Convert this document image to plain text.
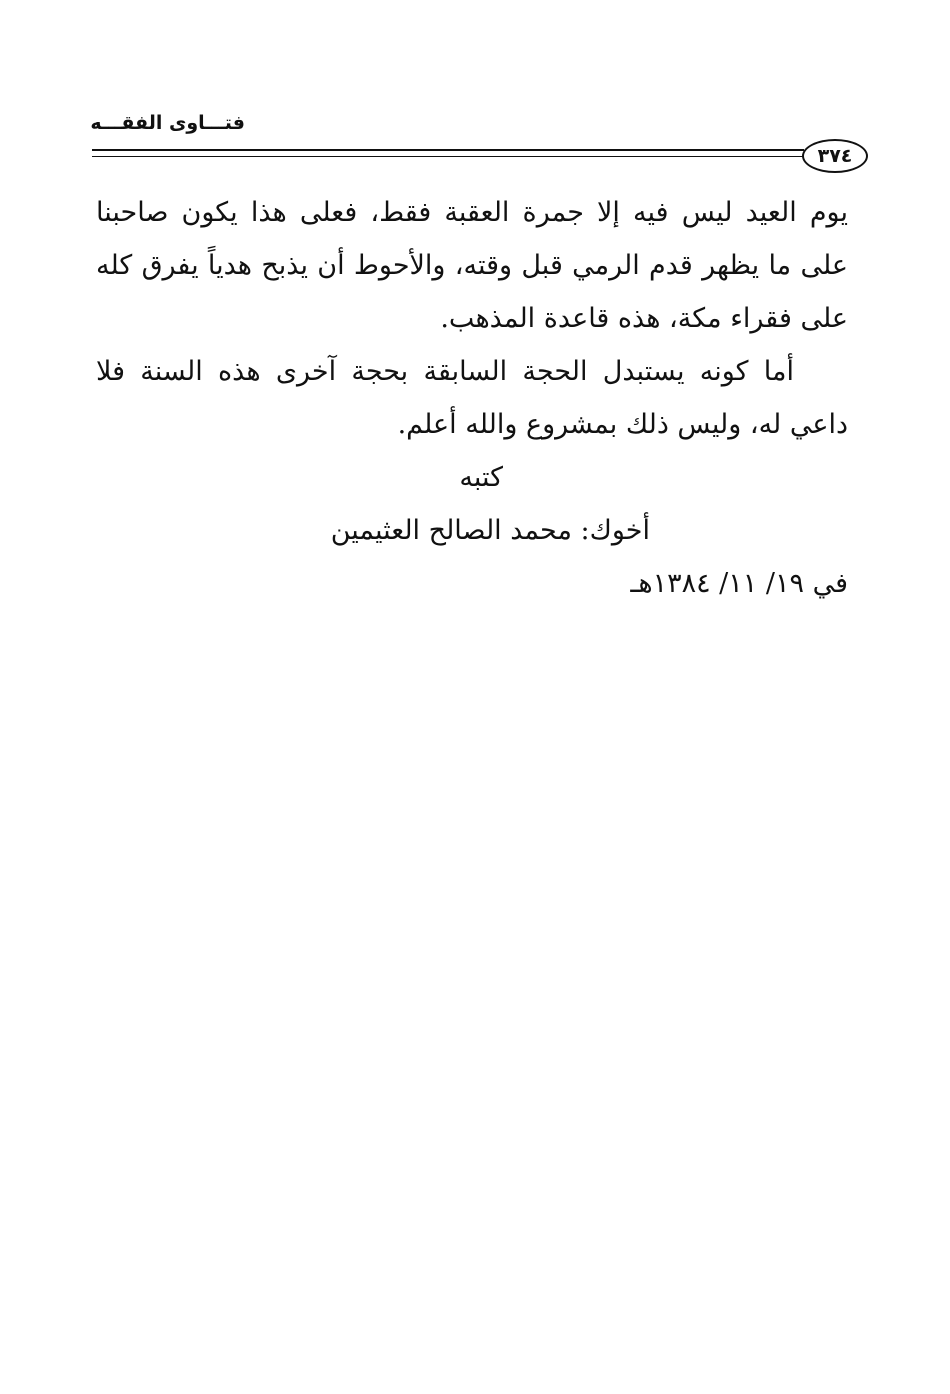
فتـــاوى الفقـــه
٣٧٤

يوم العيد ليس فيه إلا جمرة العقبة فقط، فعلى هذا يكون صاحبنا على ما يظهر قدم الرمي قبل وقته، والأحوط أن يذبح هدياً يفرق كله على فقراء مكة، هذه قاعدة المذهب.

أما كونه يستبدل الحجة السابقة بحجة آخرى هذه السنة فلا داعي له، وليس ذلك بمشروع والله أعلم.

كتبه

أخوك: محمد الصالح العثيمين

في ١٩/ ١١/ ١٣٨٤هـ
